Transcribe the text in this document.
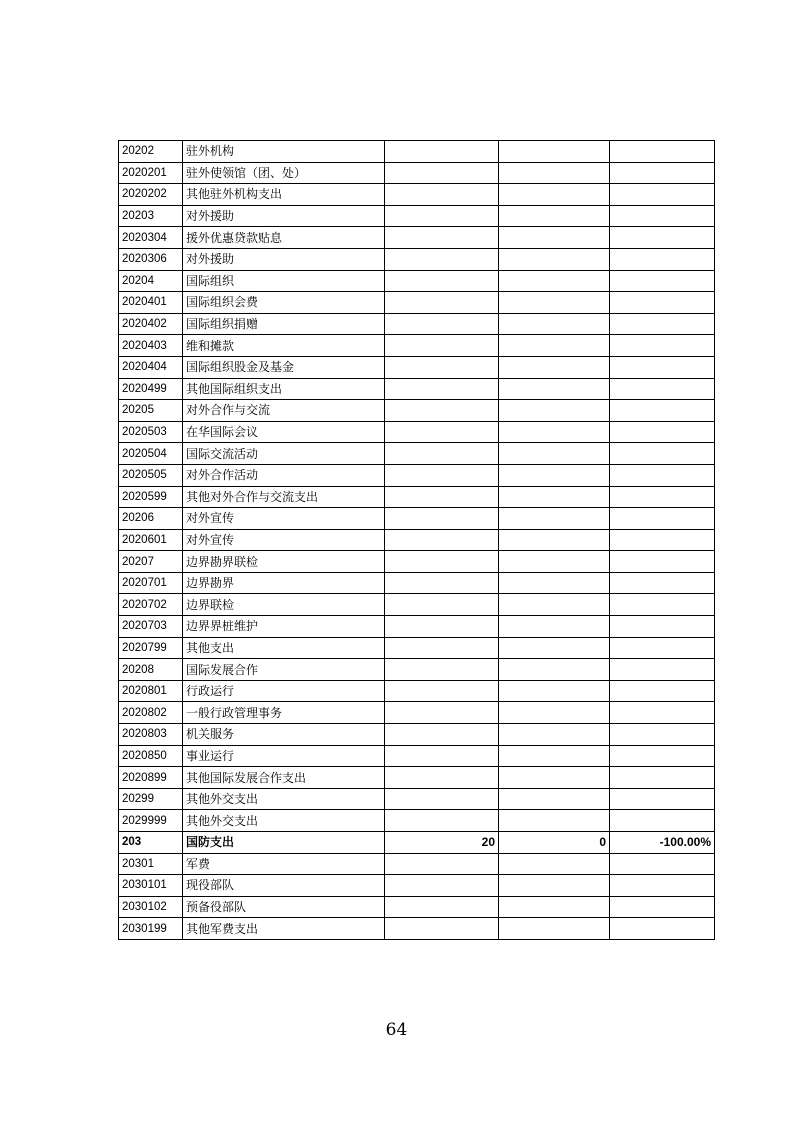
20202	驻外机构			
2020201	驻外使领馆（团、处）			
2020202	其他驻外机构支出			
20203	对外援助			
2020304	援外优惠贷款贴息			
2020306	对外援助			
20204	国际组织			
2020401	国际组织会费			
2020402	国际组织捐赠			
2020403	维和摊款			
2020404	国际组织股金及基金			
2020499	其他国际组织支出			
20205	对外合作与交流			
2020503	在华国际会议			
2020504	国际交流活动			
2020505	对外合作活动			
2020599	其他对外合作与交流支出			
20206	对外宣传			
2020601	对外宣传			
20207	边界勘界联检			
2020701	边界勘界			
2020702	边界联检			
2020703	边界界桩维护			
2020799	其他支出			
20208	国际发展合作			
2020801	行政运行			
2020802	一般行政管理事务			
2020803	机关服务			
2020850	事业运行			
2020899	其他国际发展合作支出			
20299	其他外交支出			
2029999	其他外交支出			
203	国防支出	20	0	-100.00%
20301	军费			
2030101	现役部队			
2030102	预备役部队			
2030199	其他军费支出			
64
